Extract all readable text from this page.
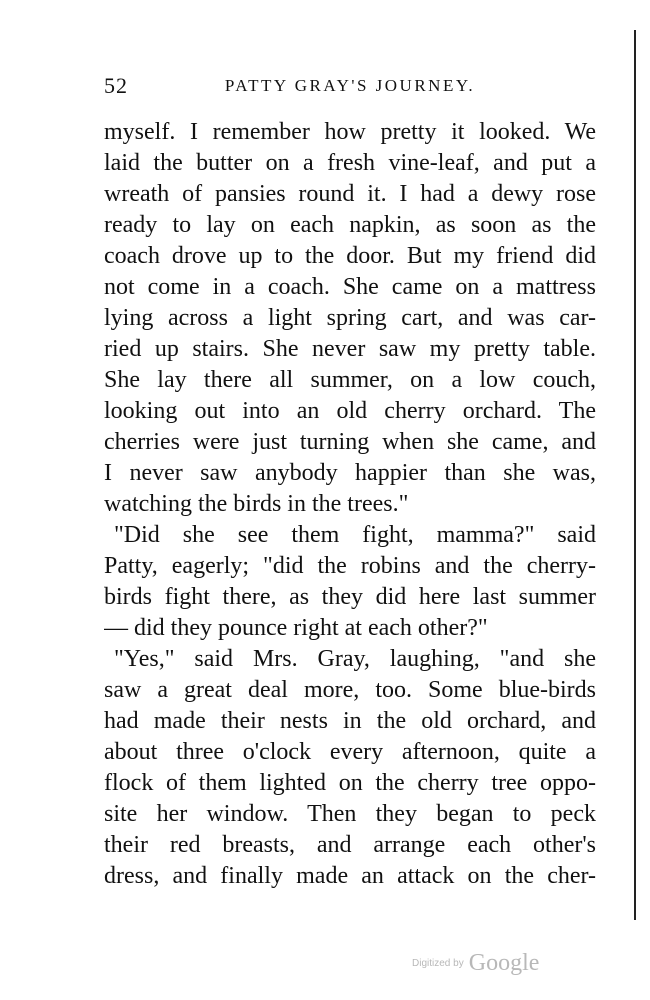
52	PATTY GRAY'S JOURNEY.
myself. I remember how pretty it looked. We
laid the butter on a fresh vine-leaf, and put a
wreath of pansies round it. I had a dewy rose
ready to lay on each napkin, as soon as the
coach drove up to the door. But my friend did
not come in a coach. She came on a mattress
lying across a light spring cart, and was car-
ried up stairs. She never saw my pretty table.
She lay there all summer, on a low couch,
looking out into an old cherry orchard. The
cherries were just turning when she came, and
I never saw anybody happier than she was,
watching the birds in the trees."
"Did she see them fight, mamma?" said
Patty, eagerly; "did the robins and the cherry-
birds fight there, as they did here last summer
— did they pounce right at each other?"
"Yes," said Mrs. Gray, laughing, "and she
saw a great deal more, too. Some blue-birds
had made their nests in the old orchard, and
about three o'clock every afternoon, quite a
flock of them lighted on the cherry tree oppo-
site her window. Then they began to peck
their red breasts, and arrange each other's
dress, and finally made an attack on the cher-
Digitized by Google
